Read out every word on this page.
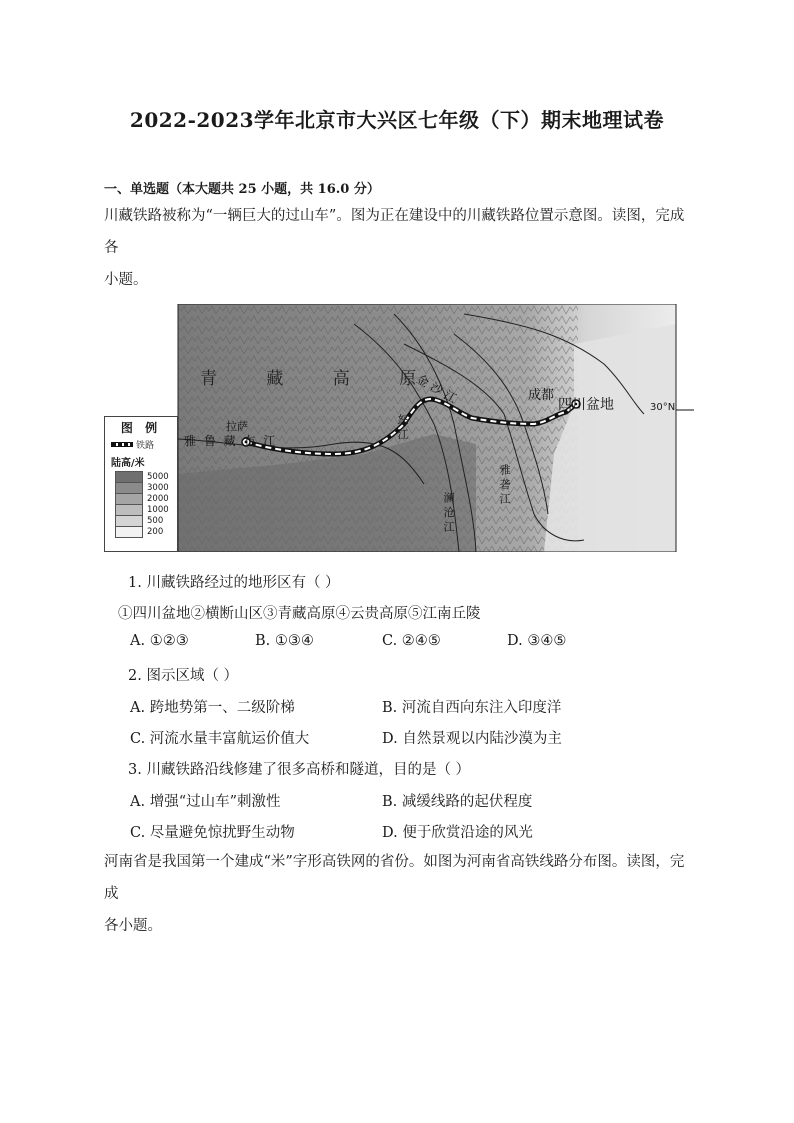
2022-2023学年北京市大兴区七年级（下）期末地理试卷
一、单选题（本大题共 25 小题，共 16.0 分）
川藏铁路被称为“一辆巨大的过山车”。图为正在建设中的川藏铁路位置示意图。读图，完成各
小题。
青 藏 高 原
金 沙 江	成都
四川盆地
拉萨
雅 鲁 藏 布 江
怒 江
澜 沧 江
雅 砻 江
图 例
铁路
陆高/米
5000
3000
2000
1000
500
200
30°N
1. 川藏铁路经过的地形区有（ ）
①四川盆地②横断山区③青藏高原④云贵高原⑤江南丘陵
A. ①②③	B. ①③④	C. ②④⑤	D. ③④⑤
2. 图示区域（ ）
A. 跨地势第一、二级阶梯	B. 河流自西向东注入印度洋
C. 河流水量丰富航运价值大	D. 自然景观以内陆沙漠为主
3. 川藏铁路沿线修建了很多高桥和隧道，目的是（ ）
A. 增强“过山车”刺激性	B. 减缓线路的起伏程度
C. 尽量避免惊扰野生动物	D. 便于欣赏沿途的风光
河南省是我国第一个建成“米”字形高铁网的省份。如图为河南省高铁线路分布图。读图，完成
各小题。
